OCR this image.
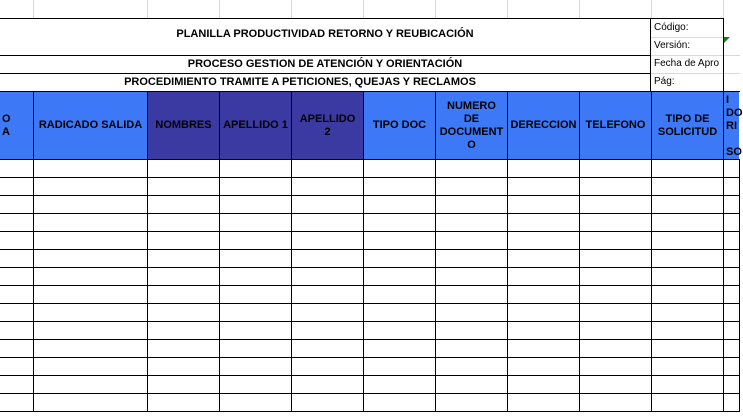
PLANILLA PRODUCTIVIDAD RETORNO Y REUBICACIÓN
PROCESO GESTION DE ATENCIÓN Y ORIENTACIÓN
PROCEDIMIENTO TRAMITE A PETICIONES, QUEJAS Y RECLAMOS
Código:
Versión:
Fecha de Apro
Pág:
O
A
RADICADO SALIDA	NOMBRES	APELLIDO 1
APELLIDO
2
TIPO DOC
NUMERO
DE
DOCUMENT
O
DERECCION TELEFONO
TIPO DE
SOLICITUD
I
DO
RI

SO
